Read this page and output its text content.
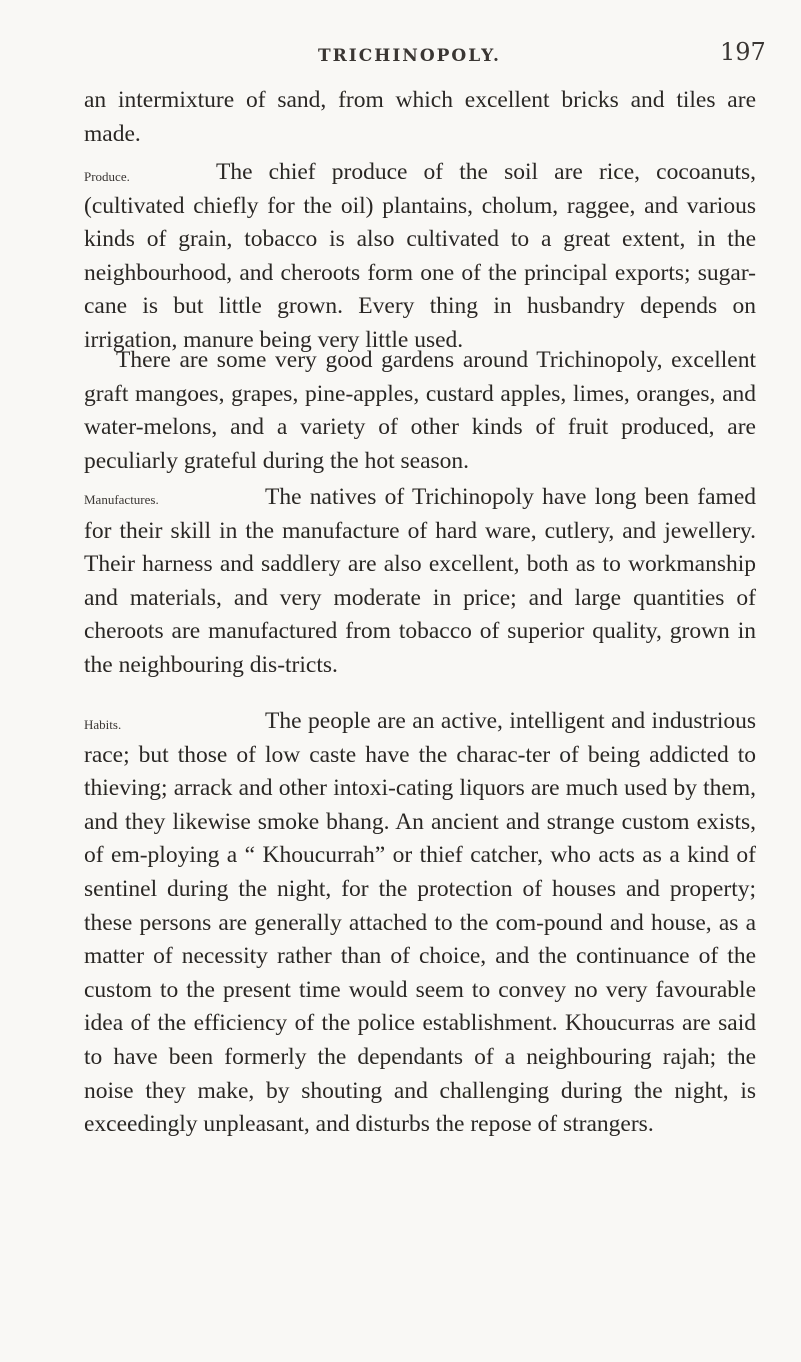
TRICHINOPOLY.	197

an intermixture of sand, from which excellent bricks and tiles are made.

Produce.	The chief produce of the soil are rice, cocoanuts, (cultivated chiefly for the oil) plantains, cholum, raggee, and various kinds of grain, tobacco is also cultivated to a great extent, in the neighbourhood, and cheroots form one of the principal exports; sugar-cane is but little grown. Every thing in husbandry depends on irrigation, manure being very little used.

There are some very good gardens around Trichinopoly, excellent graft mangoes, grapes, pine-apples, custard apples, limes, oranges, and water-melons, and a variety of other kinds of fruit produced, are peculiarly grateful during the hot season.

Manufactures.	The natives of Trichinopoly have long been famed for their skill in the manufacture of hard ware, cutlery, and jewellery. Their harness and saddlery are also excellent, both as to workmanship and materials, and very moderate in price; and large quantities of cheroots are manufactured from tobacco of superior quality, grown in the neighbouring dis-tricts.

Habits.	The people are an active, intelligent and industrious race; but those of low caste have the charac-ter of being addicted to thieving; arrack and other intoxi-cating liquors are much used by them, and they likewise smoke bhang. An ancient and strange custom exists, of em-ploying a “ Khoucurrah” or thief catcher, who acts as a kind of sentinel during the night, for the protection of houses and property; these persons are generally attached to the com-pound and house, as a matter of necessity rather than of choice, and the continuance of the custom to the present time would seem to convey no very favourable idea of the efficiency of the police establishment. Khoucurras are said to have been formerly the dependants of a neighbouring rajah; the noise they make, by shouting and challenging during the night, is exceedingly unpleasant, and disturbs the repose of strangers.
